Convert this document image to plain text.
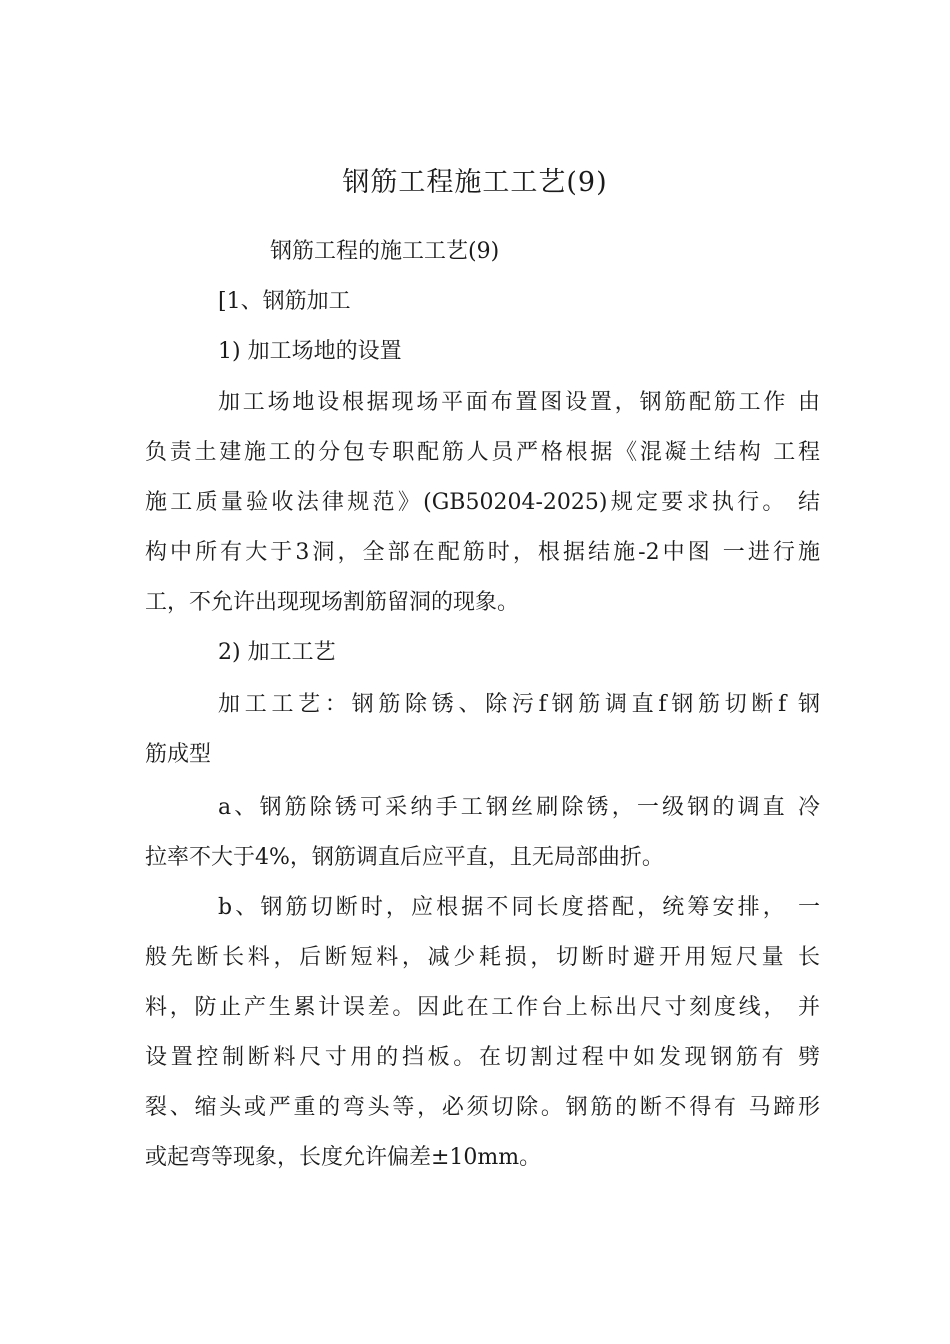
钢筋工程施工工艺(9)
钢筋工程的施工工艺(9)
[1、钢筋加工
1) 加工场地的设置
加工场地设根据现场平面布置图设置，钢筋配筋工作 由
负责土建施工的分包专职配筋人员严格根据《混凝土结构 工程
施工质量验收法律规范》(GB50204-2025)规定要求执行。 结
构中所有大于3洞，全部在配筋时，根据结施-2中图 一进行施
工，不允许出现现场割筋留洞的现象。
2) 加工工艺
加工工艺：钢筋除锈、除污f钢筋调直f钢筋切断f 钢
筋成型
a、钢筋除锈可采纳手工钢丝刷除锈，一级钢的调直 冷
拉率不大于4%，钢筋调直后应平直，且无局部曲折。
b、钢筋切断时，应根据不同长度搭配，统筹安排， 一
般先断长料，后断短料，减少耗损，切断时避开用短尺量 长
料，防止产生累计误差。因此在工作台上标出尺寸刻度线， 并
设置控制断料尺寸用的挡板。在切割过程中如发现钢筋有 劈
裂、缩头或严重的弯头等，必须切除。钢筋的断不得有 马蹄形
或起弯等现象，长度允许偏差±10mm。
